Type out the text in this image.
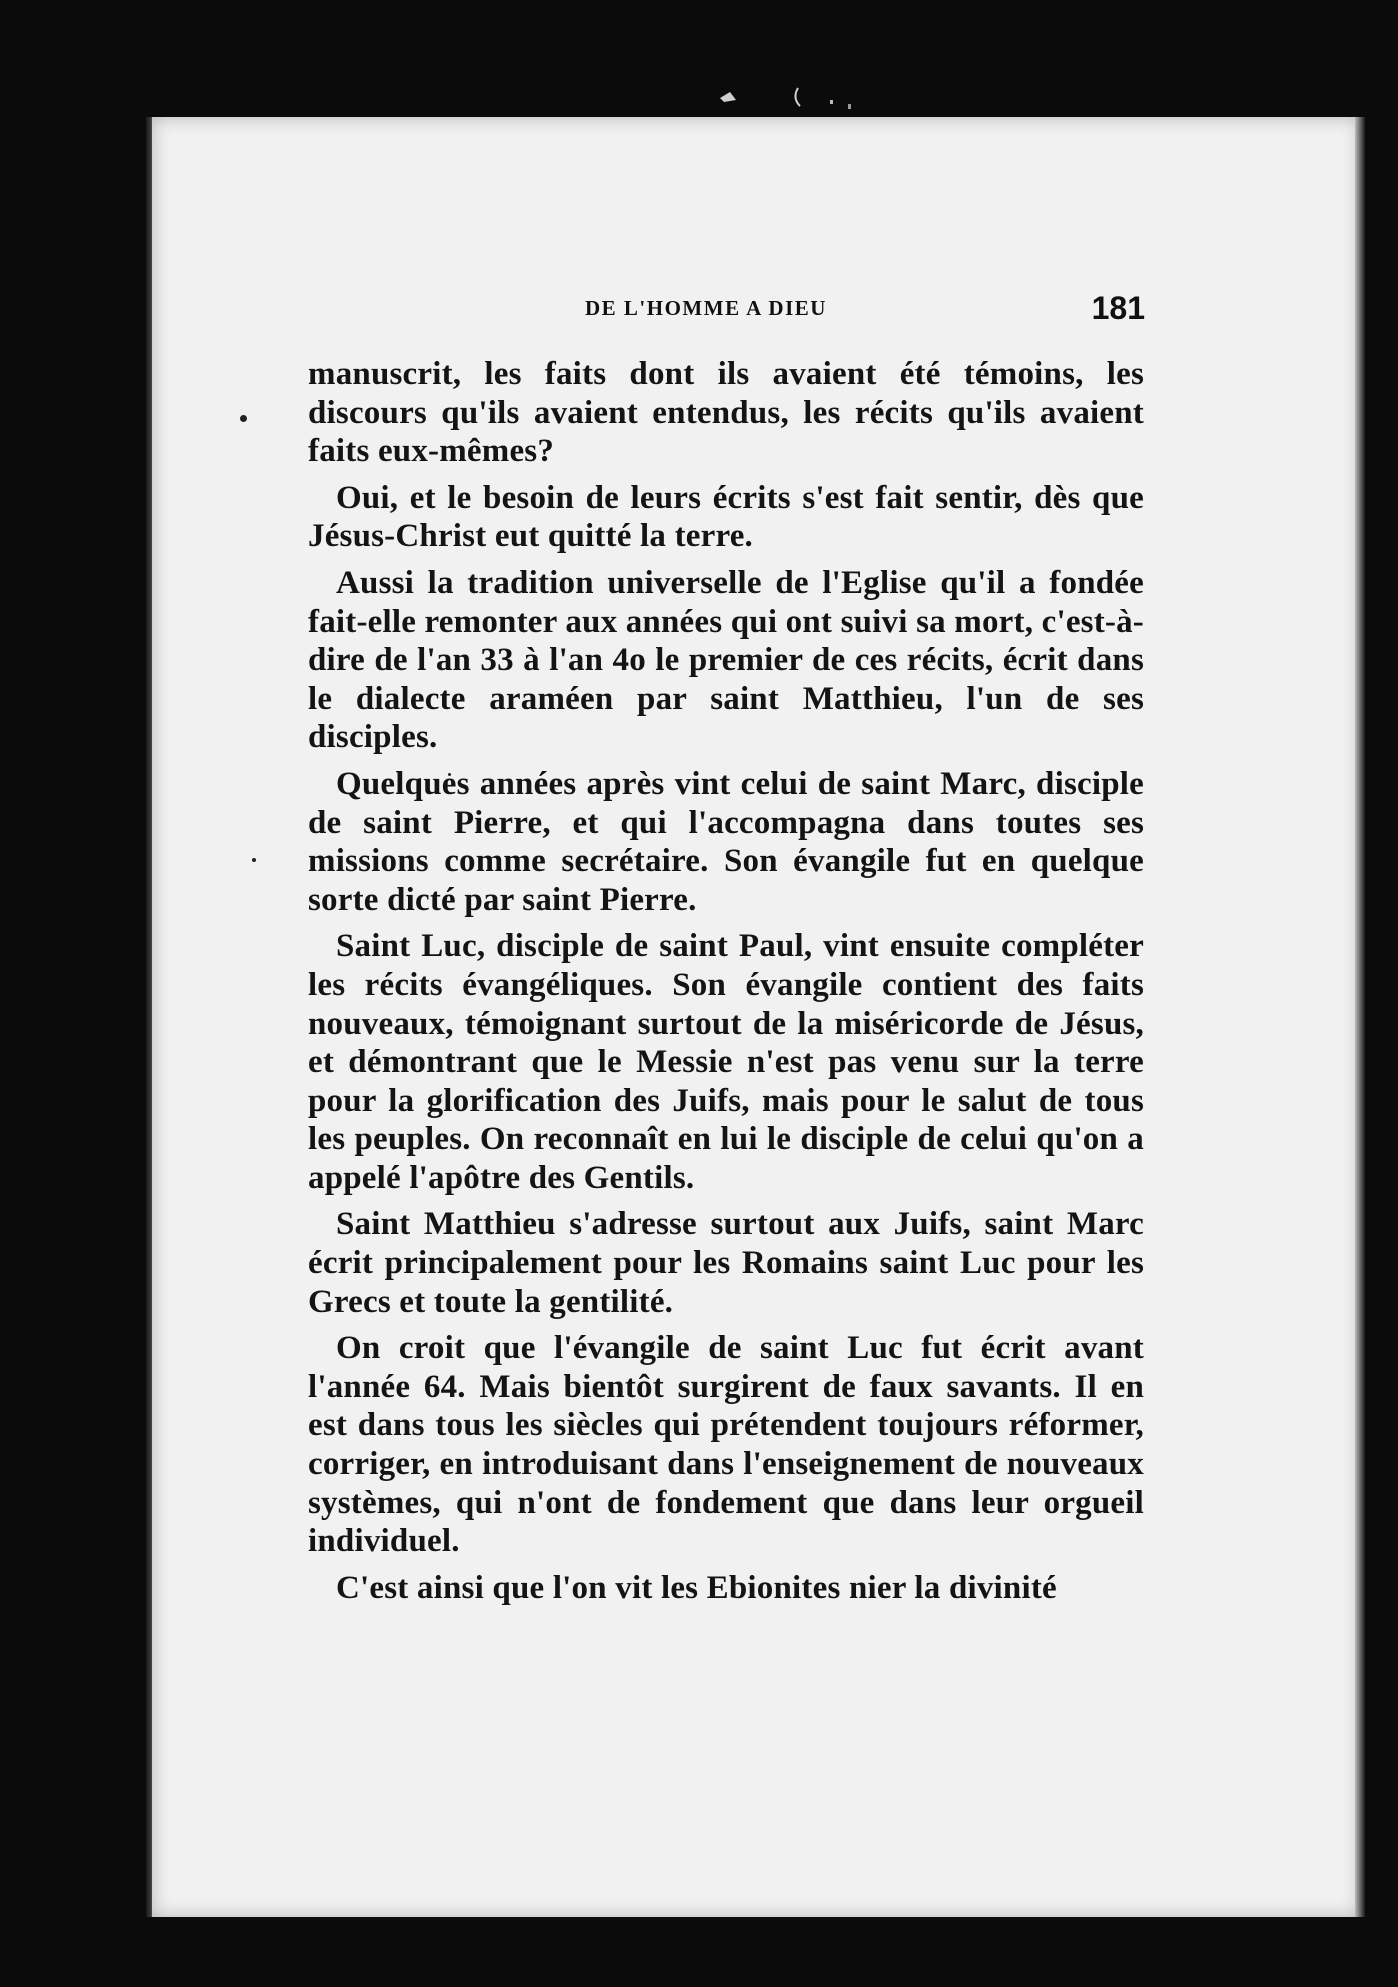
DE L'HOMME A DIEU	181

manuscrit, les faits dont ils avaient été témoins, les discours qu'ils avaient entendus, les récits qu'ils avaient faits eux-mêmes?

Oui, et le besoin de leurs écrits s'est fait sentir, dès que Jésus-Christ eut quitté la terre.

Aussi la tradition universelle de l'Eglise qu'il a fondée fait-elle remonter aux années qui ont suivi sa mort, c'est-à-dire de l'an 33 à l'an 4o le premier de ces récits, écrit dans le dialecte araméen par saint Matthieu, l'un de ses disciples.

Quelques années après vint celui de saint Marc, disciple de saint Pierre, et qui l'accompagna dans toutes ses missions comme secrétaire. Son évangile fut en quelque sorte dicté par saint Pierre.

Saint Luc, disciple de saint Paul, vint ensuite compléter les récits évangéliques. Son évangile contient des faits nouveaux, témoignant surtout de la miséricorde de Jésus, et démontrant que le Messie n'est pas venu sur la terre pour la glorification des Juifs, mais pour le salut de tous les peuples. On reconnaît en lui le disciple de celui qu'on a appelé l'apôtre des Gentils.

Saint Matthieu s'adresse surtout aux Juifs, saint Marc écrit principalement pour les Romains saint Luc pour les Grecs et toute la gentilité.

On croit que l'évangile de saint Luc fut écrit avant l'année 64. Mais bientôt surgirent de faux savants. Il en est dans tous les siècles qui prétendent toujours réformer, corriger, en introduisant dans l'enseignement de nouveaux systèmes, qui n'ont de fondement que dans leur orgueil individuel.

C'est ainsi que l'on vit les Ebionites nier la divinité
